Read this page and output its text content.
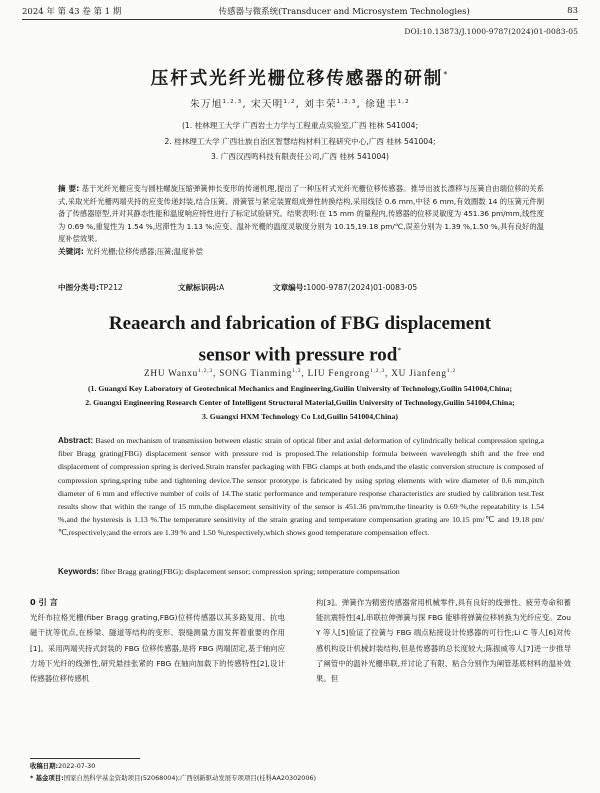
2024 年 第 43 卷 第 1 期	传感器与微系统(Transducer and Microsystem Technologies)	83
DOI:10.13873/J.1000-9787(2024)01-0083-05
压杆式光纤光栅位移传感器的研制*
朱万旭$^{1,2,3}$, 宋天明$^{1,2}$, 刘丰荣$^{1,2,3}$, 徐建丰$^{1,2}$
(1. 桂林理工大学 广西岩土力学与工程重点实验室,广西 桂林 541004;
2. 桂林理工大学 广西壮族自治区智慧结构材料工程研究中心,广西 桂林 541004;
3. 广西汉西鸣科技有限责任公司,广西 桂林 541004)
摘 要: 基于光纤光栅应变与圆柱螺旋压缩弹簧伸长变形的传递机理,提出了一种压杆式光纤光栅位移传感器。推导出波长漂移与压簧自由端位移的关系式,采取光纤光栅两端夹持的应变传递封装,结合压簧、滑簧管与紧定装置组成弹性转换结构,采用线径 0.6 mm,中径 6 mm,有效圈数 14 的压簧元件制备了传感器原型,并对其静态性能和温度响应特性进行了标定试验研究。结果表明:在 15 mm 的量程内,传感器的位移灵敏度为 451.36 pm/mm,线性度为 0.69 %,重复性为 1.54 %,迟滞性为 1.13 %;应变、温补光栅的温度灵敏度分别为 10.15,19.18 pm/℃,误差分别为 1.39 %,1.50 %,具有良好的温度补偿效果。
关键词: 光纤光栅;位移传感器;压簧;温度补偿
中图分类号:TP212	文献标识码:A	文章编号:1000-9787(2024)01-0083-05
Reaearch and fabrication of FBG displacement
sensor with pressure rod*
ZHU Wanxu$^{1,2,3}$, SONG Tianming$^{1,2}$, LIU Fengrong$^{1,2,3}$, XU Jianfeng$^{1,2}$
(1. Guangxi Key Laboratory of Geotechnical Mechanics and Engineering,Guilin University of Technology,Guilin 541004,China;
2. Guangxi Engineering Research Center of Intelligent Structural Material,Guilin University of Technology,Guilin 541004,China;
3. Guangxi HXM Technology Co Ltd,Guilin 541004,China)
Abstract: Based on mechanism of transmission between elastic strain of optical fiber and axial deformation of cylindrically helical compression spring,a fiber Bragg grating(FBG) displacement sensor with pressure rod is proposed.The relationship formula between wavelength shift and the free end displacement of compression spring is derived.Strain transfer packaging with FBG clamps at both ends,and the elastic conversion structure is composed of compression spring,spring tube and tightening device.The sensor prototype is fabricated by using spring elements with wire diameter of 0.6 mm,pitch diameter of 6 mm and effective number of coils of 14.The static performance and temperature response characteristics are studied by calibration test.Test results show that within the range of 15 mm,the displacement sensitivity of the sensor is 451.36 pm/mm,the linearity is 0.69 %,the repeatability is 1.54 %,and the hysteresis is 1.13 %.The temperature sensitivity of the strain grating and temperature compensation grating are 10.15 pm/℃ and 19.18 pm/℃,respectively;and the errors are 1.39 % and 1.50 %,respectively,which shows good temperature compensation effect.
Keywords: fiber Bragg grating(FBG); displacement sensor; compression spring; temperature compensation
0 引 言
光纤布拉格光栅(fiber Bragg grating,FBG)位移传感器以其多路复用、抗电磁干扰等优点,在桥梁、隧道等结构的变形、裂缝测量方面发挥着重要的作用[1]。采用两端夹持式封装的 FBG 位移传感器,是将 FBG 两端固定,基于轴向应力场下光纤的线弹性,研究悬挂张紧的 FBG 在轴向加载下的传感特性[2],设计传感器位移传感机
构[3]。弹簧作为精密传感器常用机械零件,具有良好的线弹性、疲劳寿命和蓄能抗震特性[4],串联拉伸弹簧与探 FBG 能够将弹簧位移转换为光纤应变。Zou Y 等人[5]验证了拉簧与 FBG 端点粘接设计传感器的可行性;Li C 等人[6]对传感机构设计机械封装结构,但是传感器的总长度较大;陈振威等人[7]进一步推导了阐管中的温补光栅串联,并讨论了有限、粘合分别作为阐管基底材料的温补效果。但
收稿日期:2022-07-30
* 基金项目:国家自然科学基金资助项目(52068004);广西创新驱动发展专项项目(桂科AA20302006)
